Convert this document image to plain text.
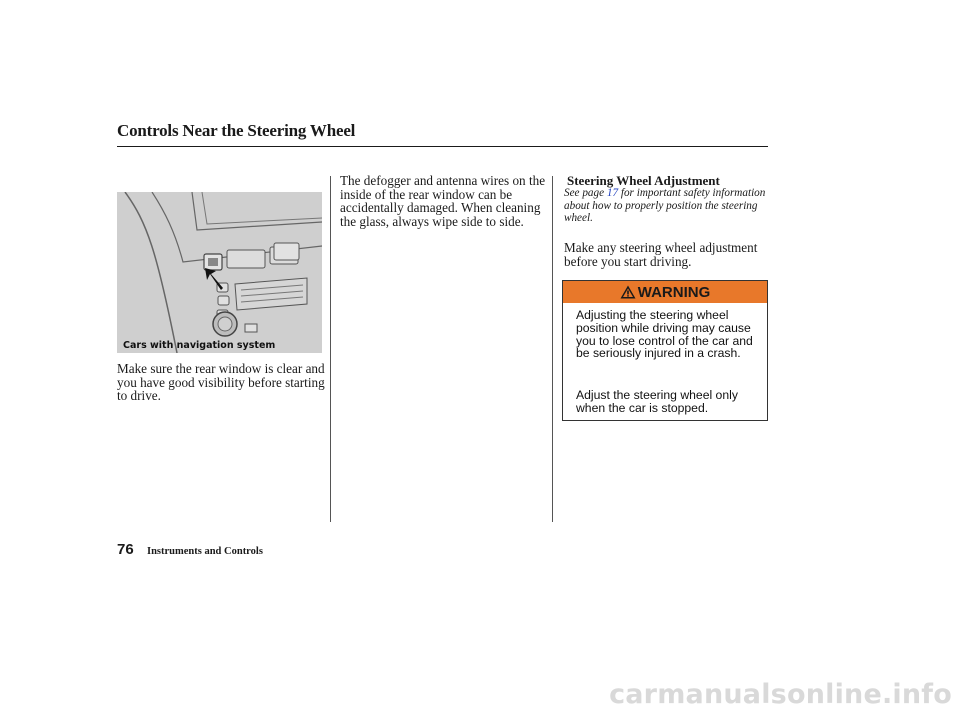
Controls Near the Steering Wheel
Cars with navigation system
Make sure the rear window is clear and you have good visibility before starting to drive.
The defogger and antenna wires on the inside of the rear window can be accidentally damaged. When cleaning the glass, always wipe side to side.
Steering Wheel Adjustment
See page 17 for important safety information about how to properly position the steering wheel.
Make any steering wheel adjustment before you start driving.
WARNING
Adjusting the steering wheel position while driving may cause you to lose control of the car and be seriously injured in a crash.
Adjust the steering wheel only when the car is stopped.
76 Instruments and Controls
carmanualsonline.info
